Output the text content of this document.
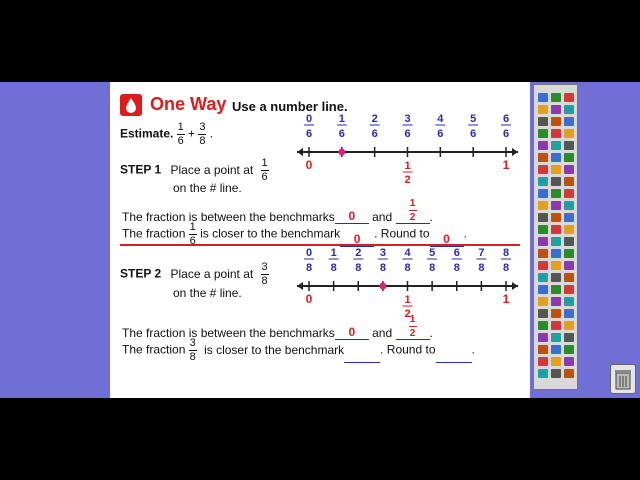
One Way Use a number line.
Estimate. $\frac{1}{6} + \frac{3}{8}$ .
0
6
1
6
2
6
3
6
4
6
5
6
6
6
0	1
1
2
STEP 1 Place a point at $\frac{1}{6}$
on the # line.
The fraction is between the benchmarks 0 and $\frac{1}{2}$ .
The fraction $\frac{1}{6}$ is closer to the benchmark 0 . Round to 0 .
0
8
1
8
2
8
3
8
4
8
5
8
6
8
7
8
8
8
0	1
1
2
STEP 2 Place a point at $\frac{3}{8}$
on the # line.
The fraction is between the benchmarks 0 and $\frac{1}{2}$ .
The fraction $\frac{3}{8}$ is closer to the benchmark	. Round to	.
